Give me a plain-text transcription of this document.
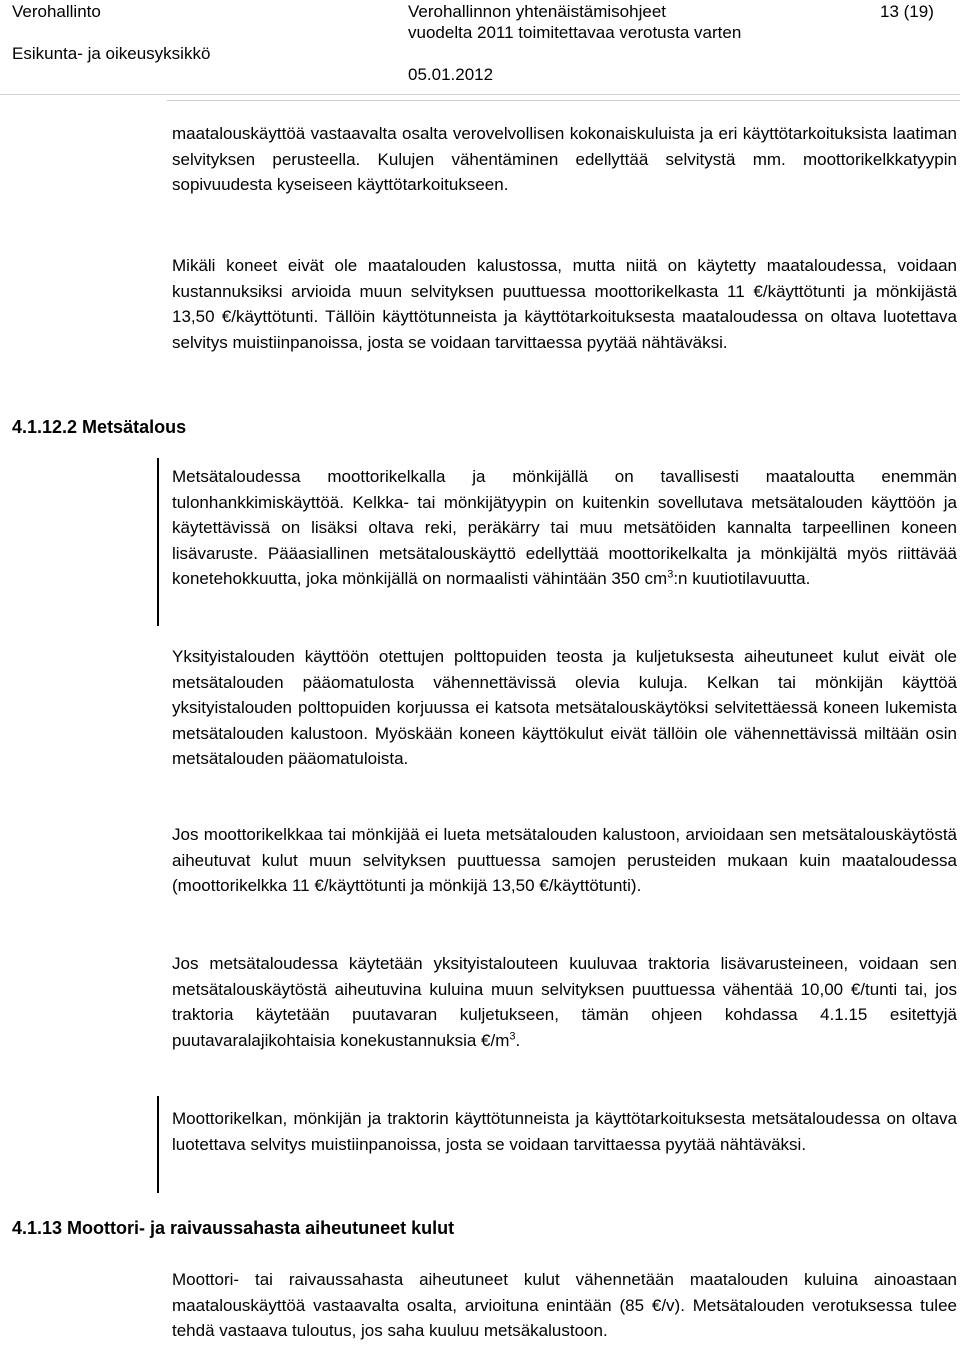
Verohallinto
Esikunta- ja oikeusyksikkö
Verohallinnon yhtenäistämisohjeet
vuodelta 2011 toimitettavaa verotusta varten
05.01.2012
13 (19)

maatalouskäyttöä vastaavalta osalta verovelvollisen kokonaiskuluista ja eri käyttötarkoituksista laatiman selvityksen perusteella. Kulujen vähentäminen edellyttää selvitystä mm. moottorikelkkatyypin sopivuudesta kyseiseen käyttötarkoitukseen.

Mikäli koneet eivät ole maatalouden kalustossa, mutta niitä on käytetty maataloudessa, voidaan kustannuksiksi arvioida muun selvityksen puuttuessa moottorikelkasta 11 €/käyttötunti ja mönkijästä 13,50 €/käyttötunti. Tällöin käyttötunneista ja käyttötarkoituksesta maataloudessa on oltava luotettava selvitys muistiinpanoissa, josta se voidaan tarvittaessa pyytää nähtäväksi.

4.1.12.2 Metsätalous

Metsätaloudessa moottorikelkalla ja mönkijällä on tavallisesti maataloutta enemmän tulonhankkimiskäyttöä. Kelkka- tai mönkijätyypin on kuitenkin sovellutava metsätalouden käyttöön ja käytettävissä on lisäksi oltava reki, peräkärry tai muu metsätöiden kannalta tarpeellinen koneen lisävaruste. Pääasiallinen metsätalouskäyttö edellyttää moottorikelkalta ja mönkijältä myös riittävää konetehokkuutta, joka mönkijällä on normaalisti vähintään 350 $cm^3:n$ kuutiotilavuutta.

Yksityistalouden käyttöön otettujen polttopuiden teosta ja kuljetuksesta aiheutuneet kulut eivät ole metsätalouden pääomatulosta vähennettävissä olevia kuluja. Kelkan tai mönkijän käyttöä yksityistalouden polttopuiden korjuussa ei katsota metsätalouskäytöksi selvitettäessä koneen lukemista metsätalouden kalustoon. Myöskään koneen käyttökulut eivät tällöin ole vähennettävissä miltään osin metsätalouden pääomatuloista.

Jos moottorikelkkaa tai mönkijää ei lueta metsätalouden kalustoon, arvioidaan sen metsätalouskäytöstä aiheutuvat kulut muun selvityksen puuttuessa samojen perusteiden mukaan kuin maataloudessa (moottorikelkka 11 €/käyttötunti ja mönkijä 13,50 €/käyttötunti).

Jos metsätaloudessa käytetään yksityistalouteen kuuluvaa traktoria lisävarusteineen, voidaan sen metsätalouskäytöstä aiheutuvina kuluina muun selvityksen puuttuessa vähentää 10,00 €/tunti tai, jos traktoria käytetään puutavaran kuljetukseen, tämän ohjeen kohdassa 4.1.15 esitettyjä puutavaralajikohtaisia konekustannuksia $€/m^3$.

Moottorikelkan, mönkijän ja traktorin käyttötunneista ja käyttötarkoituksesta metsätaloudessa on oltava luotettava selvitys muistiinpanoissa, josta se voidaan tarvittaessa pyytää nähtäväksi.

4.1.13 Moottori- ja raivaussahasta aiheutuneet kulut

Moottori- tai raivaussahasta aiheutuneet kulut vähennetään maatalouden kuluina ainoastaan maatalouskäyttöä vastaavalta osalta, arvioituna enintään (85 €/v). Metsätalouden verotuksessa tulee tehdä vastaava tuloutus, jos saha kuuluu metsäkalustoon.
